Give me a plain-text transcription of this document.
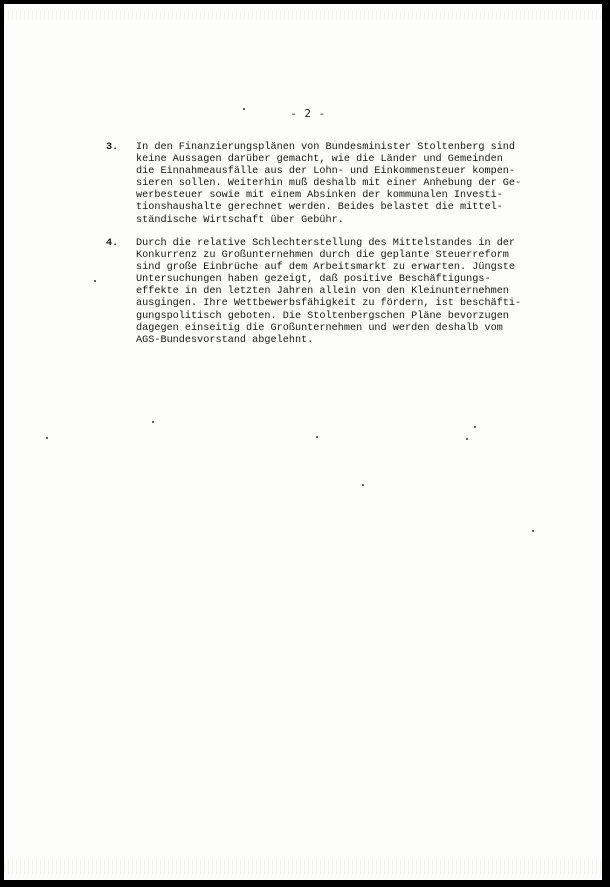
- 2 -
3.	In den Finanzierungsplänen von Bundesminister Stoltenberg sind
keine Aussagen darüber gemacht, wie die Länder und Gemeinden
die Einnahmeausfälle aus der Lohn- und Einkommensteuer kompen-
sieren sollen. Weiterhin muß deshalb mit einer Anhebung der Ge-
werbesteuer sowie mit einem Absinken der kommunalen Investi-
tionshaushalte gerechnet werden. Beides belastet die mittel-
ständische Wirtschaft über Gebühr.
4.	Durch die relative Schlechterstellung des Mittelstandes in der
Konkurrenz zu Großunternehmen durch die geplante Steuerreform
sind große Einbrüche auf dem Arbeitsmarkt zu erwarten. Jüngste
Untersuchungen haben gezeigt, daß positive Beschäftigungs-
effekte in den letzten Jahren allein von den Kleinunternehmen
ausgingen. Ihre Wettbewerbsfähigkeit zu fördern, ist beschäfti-
gungspolitisch geboten. Die Stoltenbergschen Pläne bevorzugen
dagegen einseitig die Großunternehmen und werden deshalb vom
AGS-Bundesvorstand abgelehnt.
